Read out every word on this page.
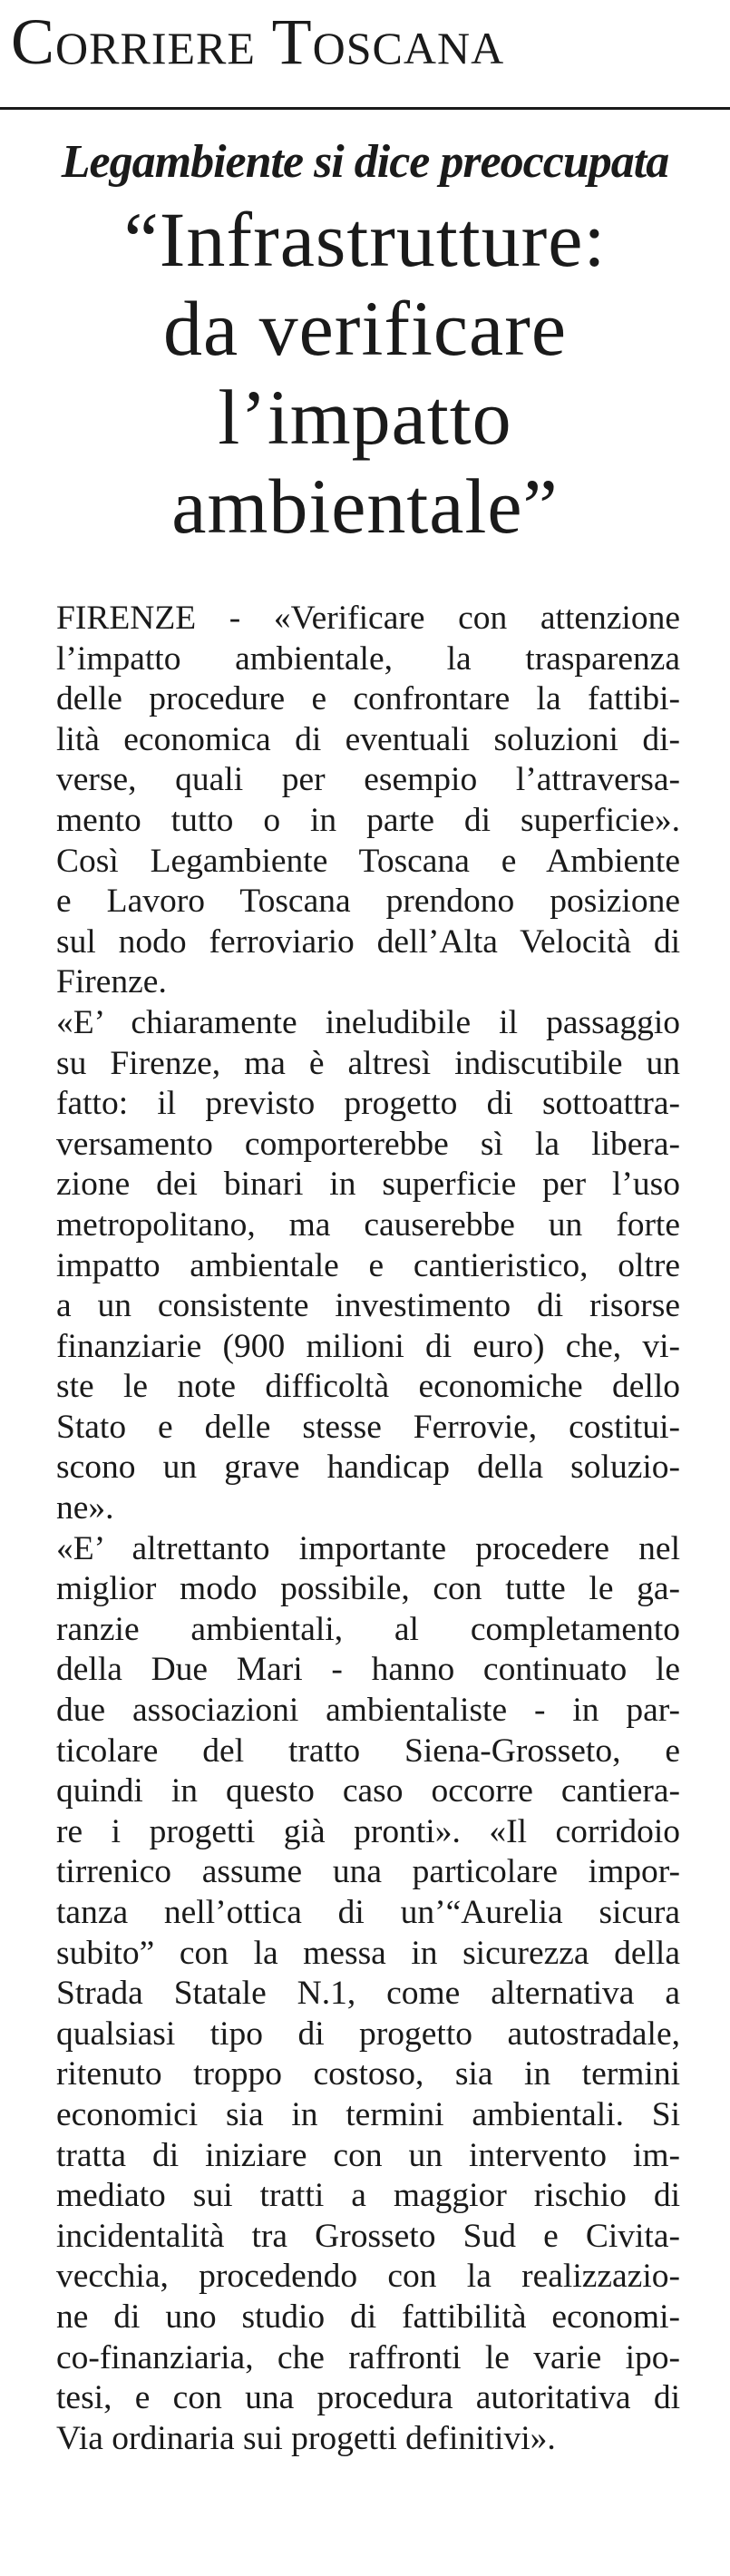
Corriere Toscana
Legambiente si dice preoccupata
“Infrastrutture:
da verificare
l’impatto
ambientale”
FIRENZE - «Verificare con attenzione
l’impatto ambientale, la trasparenza
delle procedure e confrontare la fattibi-
lità economica di eventuali soluzioni di-
verse, quali per esempio l’attraversa-
mento tutto o in parte di superficie».
Così Legambiente Toscana e Ambiente
e Lavoro Toscana prendono posizione
sul nodo ferroviario dell’Alta Velocità di
Firenze.
«E’ chiaramente ineludibile il passaggio
su Firenze, ma è altresì indiscutibile un
fatto: il previsto progetto di sottoattra-
versamento comporterebbe sì la libera-
zione dei binari in superficie per l’uso
metropolitano, ma causerebbe un forte
impatto ambientale e cantieristico, oltre
a un consistente investimento di risorse
finanziarie (900 milioni di euro) che, vi-
ste le note difficoltà economiche dello
Stato e delle stesse Ferrovie, costitui-
scono un grave handicap della soluzio-
ne».
«E’ altrettanto importante procedere nel
miglior modo possibile, con tutte le ga-
ranzie ambientali, al completamento
della Due Mari - hanno continuato le
due associazioni ambientaliste - in par-
ticolare del tratto Siena-Grosseto, e
quindi in questo caso occorre cantiera-
re i progetti già pronti». «Il corridoio
tirrenico assume una particolare impor-
tanza nell’ottica di un’“Aurelia sicura
subito” con la messa in sicurezza della
Strada Statale N.1, come alternativa a
qualsiasi tipo di progetto autostradale,
ritenuto troppo costoso, sia in termini
economici sia in termini ambientali. Si
tratta di iniziare con un intervento im-
mediato sui tratti a maggior rischio di
incidentalità tra Grosseto Sud e Civita-
vecchia, procedendo con la realizzazio-
ne di uno studio di fattibilità economi-
co-finanziaria, che raffronti le varie ipo-
tesi, e con una procedura autoritativa di
Via ordinaria sui progetti definitivi».
